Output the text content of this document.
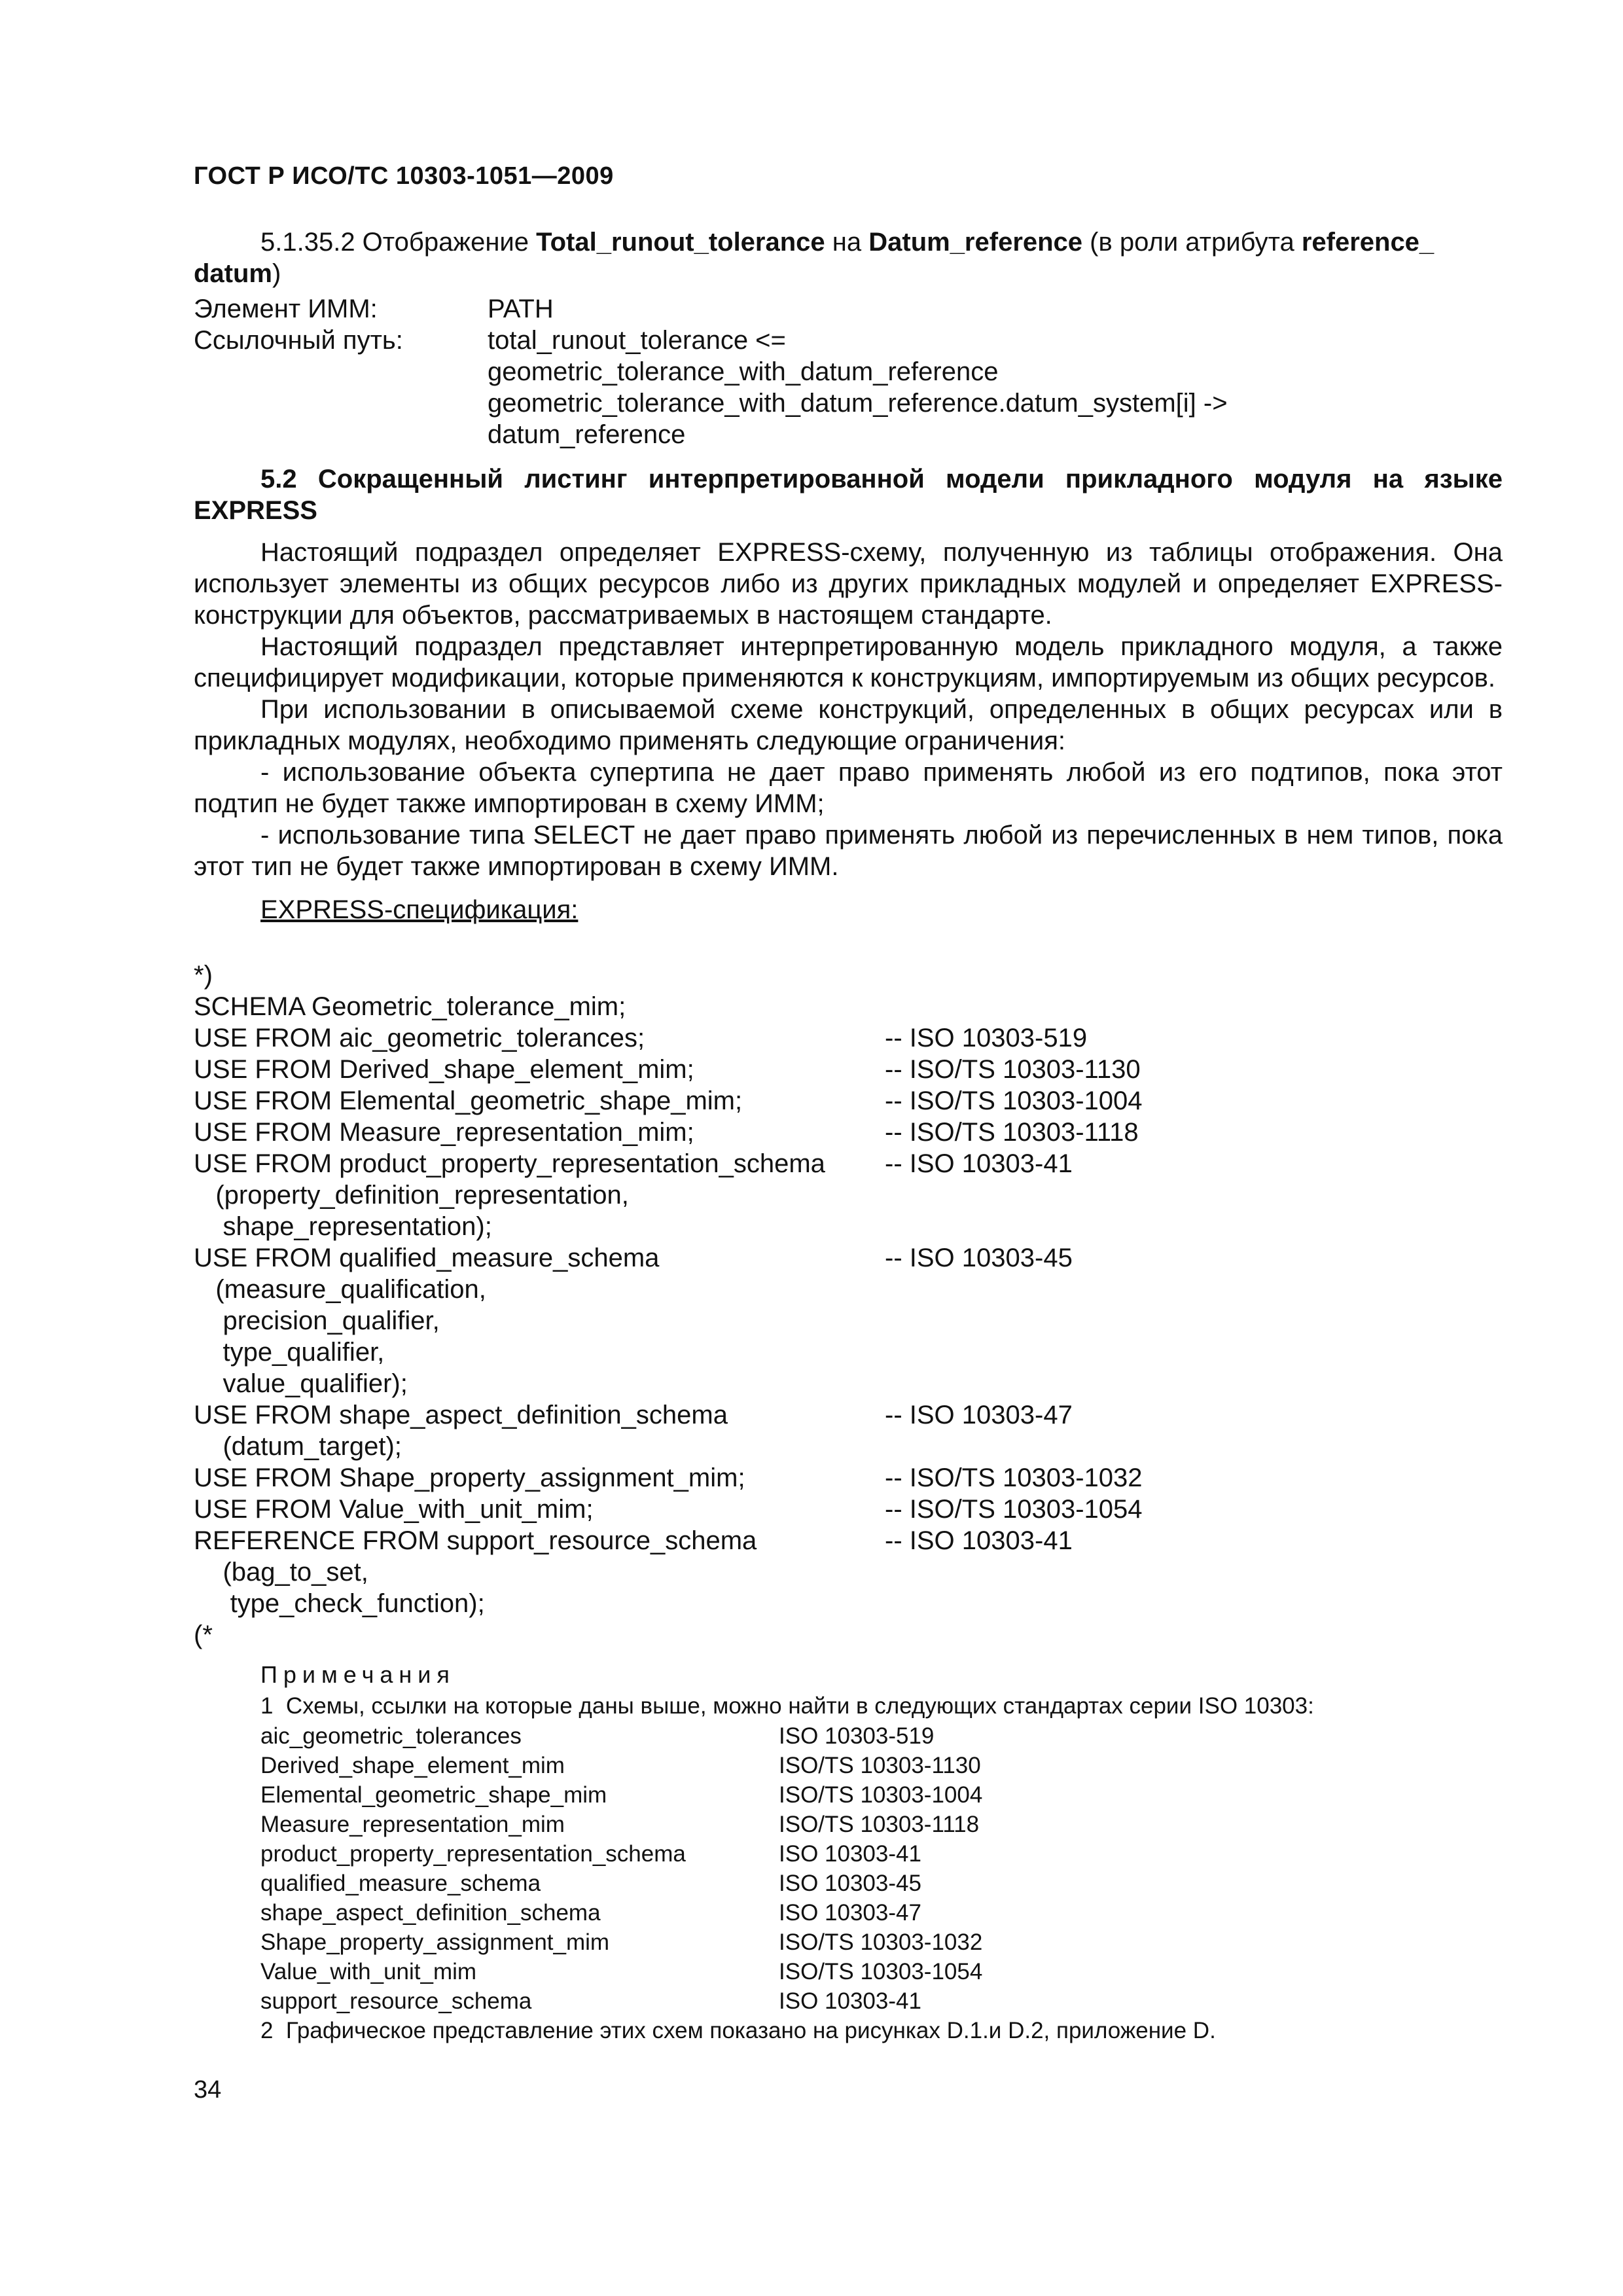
ГОСТ Р ИСО/ТС 10303-1051—2009
5.1.35.2 Отображение Total_runout_tolerance на Datum_reference (в роли атрибута reference_
datum)
Элемент ИММ:	PATH
Ссылочный путь:	total_runout_tolerance <=
geometric_tolerance_with_datum_reference
geometric_tolerance_with_datum_reference.datum_system[i] ->
datum_reference
5.2 Сокращенный листинг интерпретированной модели прикладного модуля на языке
EXPRESS
Настоящий подраздел определяет EXPRESS-схему, полученную из таблицы отображения. Она использует элементы из общих ресурсов либо из других прикладных модулей и определяет EXPRESS-конструкции для объектов, рассматриваемых в настоящем стандарте.
Настоящий подраздел представляет интерпретированную модель прикладного модуля, а также специфицирует модификации, которые применяются к конструкциям, импортируемым из общих ресурсов.
При использовании в описываемой схеме конструкций, определенных в общих ресурсах или в прикладных модулях, необходимо применять следующие ограничения:
- использование объекта супертипа не дает право применять любой из его подтипов, пока этот подтип не будет также импортирован в схему ИММ;
- использование типа SELECT не дает право применять любой из перечисленных в нем типов, пока этот тип не будет также импортирован в схему ИММ.
EXPRESS-спецификация:
*)
SCHEMA Geometric_tolerance_mim;
USE FROM aic_geometric_tolerances;	-- ISO 10303-519
USE FROM Derived_shape_element_mim;	-- ISO/TS 10303-1130
USE FROM Elemental_geometric_shape_mim;	-- ISO/TS 10303-1004
USE FROM Measure_representation_mim;	-- ISO/TS 10303-1118
USE FROM product_property_representation_schema -- ISO 10303-41
(property_definition_representation,
shape_representation);
USE FROM qualified_measure_schema	-- ISO 10303-45
(measure_qualification,
precision_qualifier,
type_qualifier,
value_qualifier);
USE FROM shape_aspect_definition_schema	-- ISO 10303-47
(datum_target);
USE FROM Shape_property_assignment_mim;	-- ISO/TS 10303-1032
USE FROM Value_with_unit_mim;	-- ISO/TS 10303-1054
REFERENCE FROM support_resource_schema	-- ISO 10303-41
(bag_to_set,
type_check_function);
(*
Примечания
1  Схемы, ссылки на которые даны выше, можно найти в следующих стандартах серии ISO 10303:
aic_geometric_tolerances	ISO 10303-519
Derived_shape_element_mim	ISO/TS 10303-1130
Elemental_geometric_shape_mim	ISO/TS 10303-1004
Measure_representation_mim	ISO/TS 10303-1118
product_property_representation_schema	ISO 10303-41
qualified_measure_schema	ISO 10303-45
shape_aspect_definition_schema	ISO 10303-47
Shape_property_assignment_mim	ISO/TS 10303-1032
Value_with_unit_mim	ISO/TS 10303-1054
support_resource_schema	ISO 10303-41
2  Графическое представление этих схем показано на рисунках D.1.и D.2, приложение D.
34
